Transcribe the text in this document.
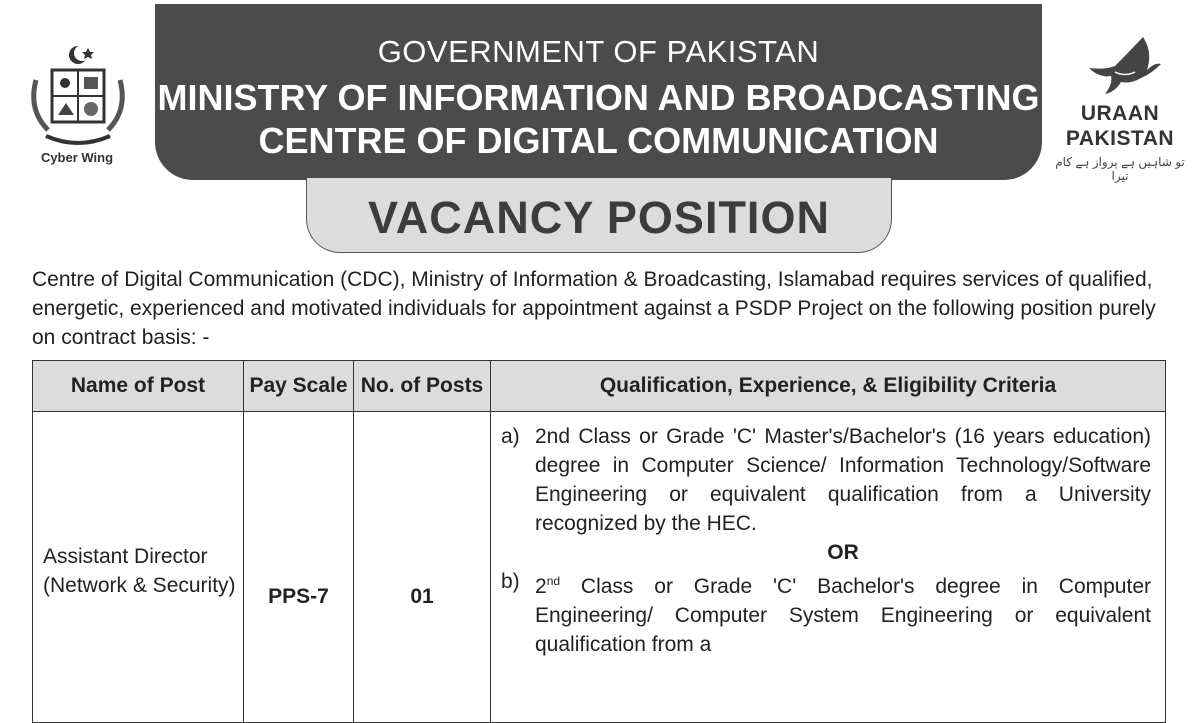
Cyber Wing
GOVERNMENT OF PAKISTAN
MINISTRY OF INFORMATION AND BROADCASTING
CENTRE OF DIGITAL COMMUNICATION
URAAN
PAKISTAN
تو شاہیں ہے پرواز ہے کام تیرا
VACANCY POSITION
Centre of Digital Communication (CDC), Ministry of Information & Broadcasting, Islamabad requires services of qualified, energetic, experienced and motivated individuals for appointment against a PSDP Project on the following position purely on contract basis: -
Name of Post	Pay Scale	No. of Posts	Qualification, Experience, & Eligibility Criteria

Assistant Director (Network & Security)	PPS-7	01	a) 2nd Class or Grade 'C' Master's/Bachelor's (16 years education) degree in Computer Science/ Information Technology/Software Engineering or equivalent qualification from a University recognized by the HEC.
OR
b) 2nd Class or Grade 'C' Bachelor's degree in Computer Engineering/ Computer System Engineering or equivalent qualification from a
